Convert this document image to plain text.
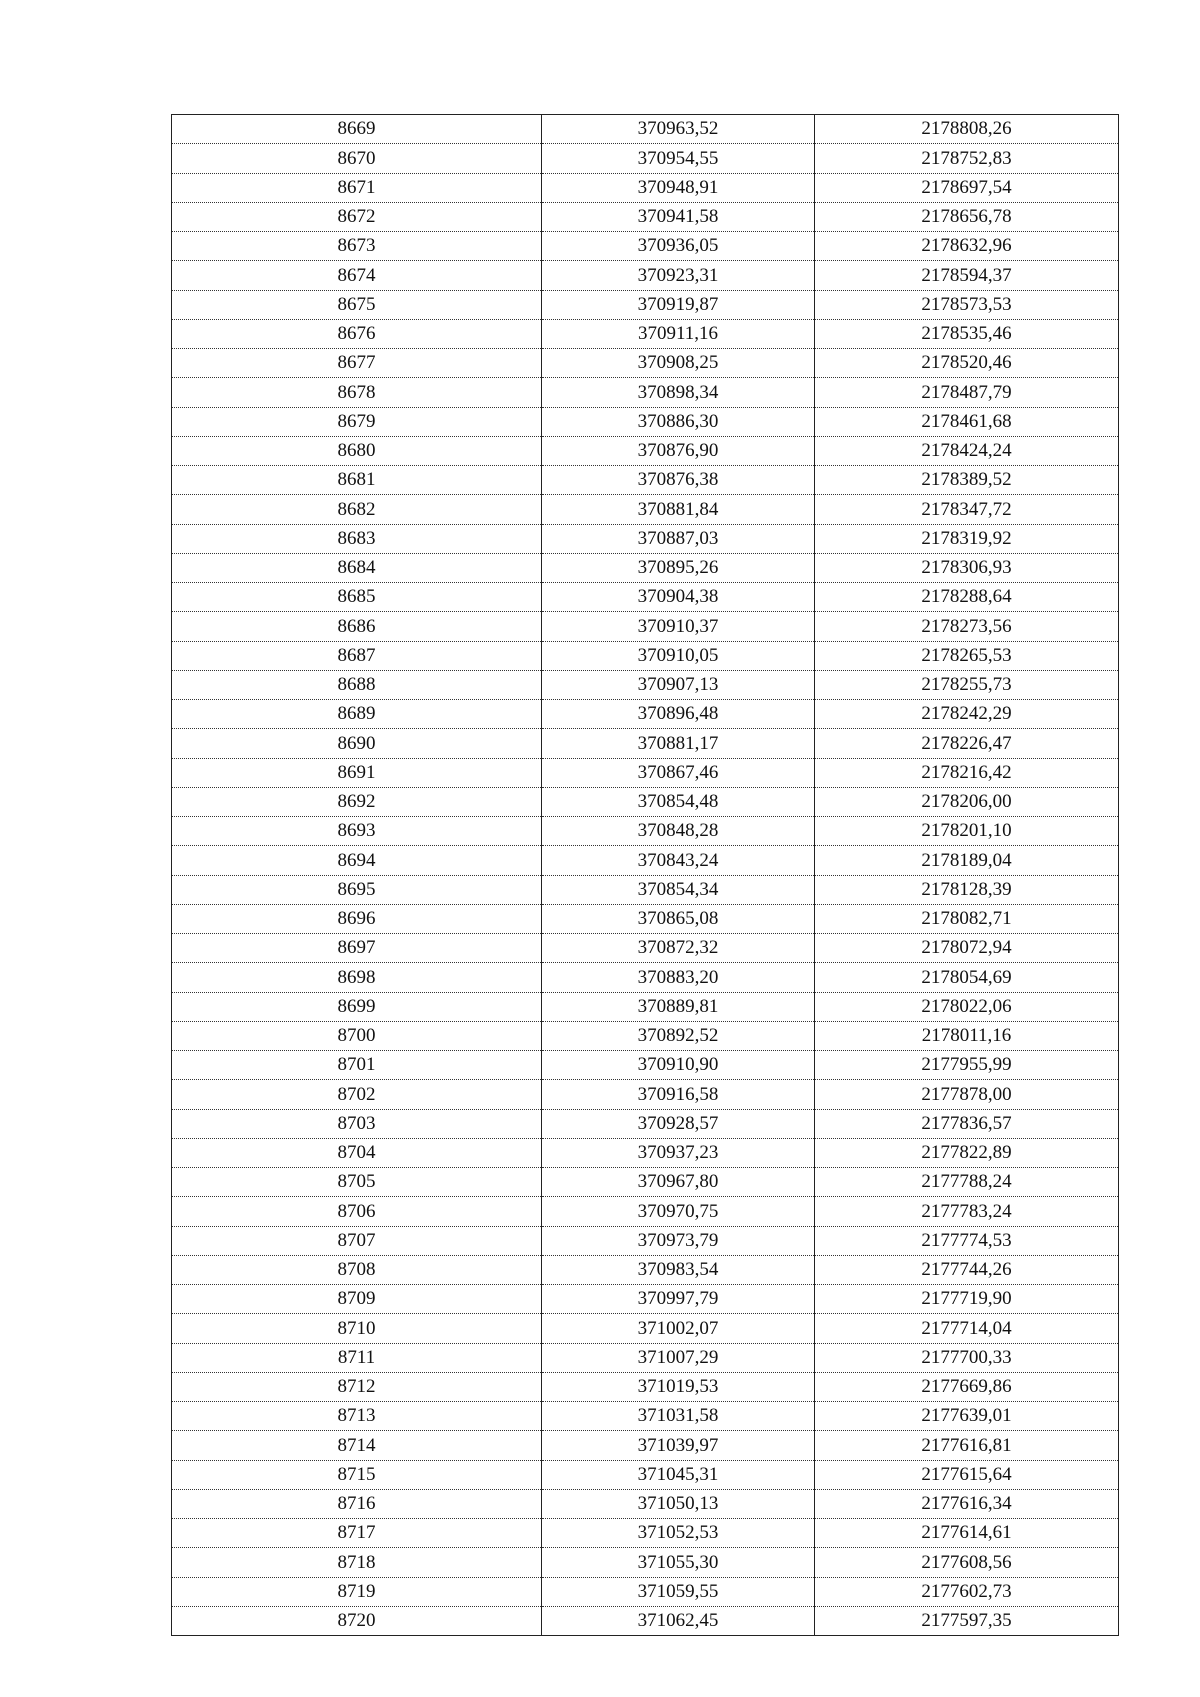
8669	370963,52	2178808,26
8670	370954,55	2178752,83
8671	370948,91	2178697,54
8672	370941,58	2178656,78
8673	370936,05	2178632,96
8674	370923,31	2178594,37
8675	370919,87	2178573,53
8676	370911,16	2178535,46
8677	370908,25	2178520,46
8678	370898,34	2178487,79
8679	370886,30	2178461,68
8680	370876,90	2178424,24
8681	370876,38	2178389,52
8682	370881,84	2178347,72
8683	370887,03	2178319,92
8684	370895,26	2178306,93
8685	370904,38	2178288,64
8686	370910,37	2178273,56
8687	370910,05	2178265,53
8688	370907,13	2178255,73
8689	370896,48	2178242,29
8690	370881,17	2178226,47
8691	370867,46	2178216,42
8692	370854,48	2178206,00
8693	370848,28	2178201,10
8694	370843,24	2178189,04
8695	370854,34	2178128,39
8696	370865,08	2178082,71
8697	370872,32	2178072,94
8698	370883,20	2178054,69
8699	370889,81	2178022,06
8700	370892,52	2178011,16
8701	370910,90	2177955,99
8702	370916,58	2177878,00
8703	370928,57	2177836,57
8704	370937,23	2177822,89
8705	370967,80	2177788,24
8706	370970,75	2177783,24
8707	370973,79	2177774,53
8708	370983,54	2177744,26
8709	370997,79	2177719,90
8710	371002,07	2177714,04
8711	371007,29	2177700,33
8712	371019,53	2177669,86
8713	371031,58	2177639,01
8714	371039,97	2177616,81
8715	371045,31	2177615,64
8716	371050,13	2177616,34
8717	371052,53	2177614,61
8718	371055,30	2177608,56
8719	371059,55	2177602,73
8720	371062,45	2177597,35
